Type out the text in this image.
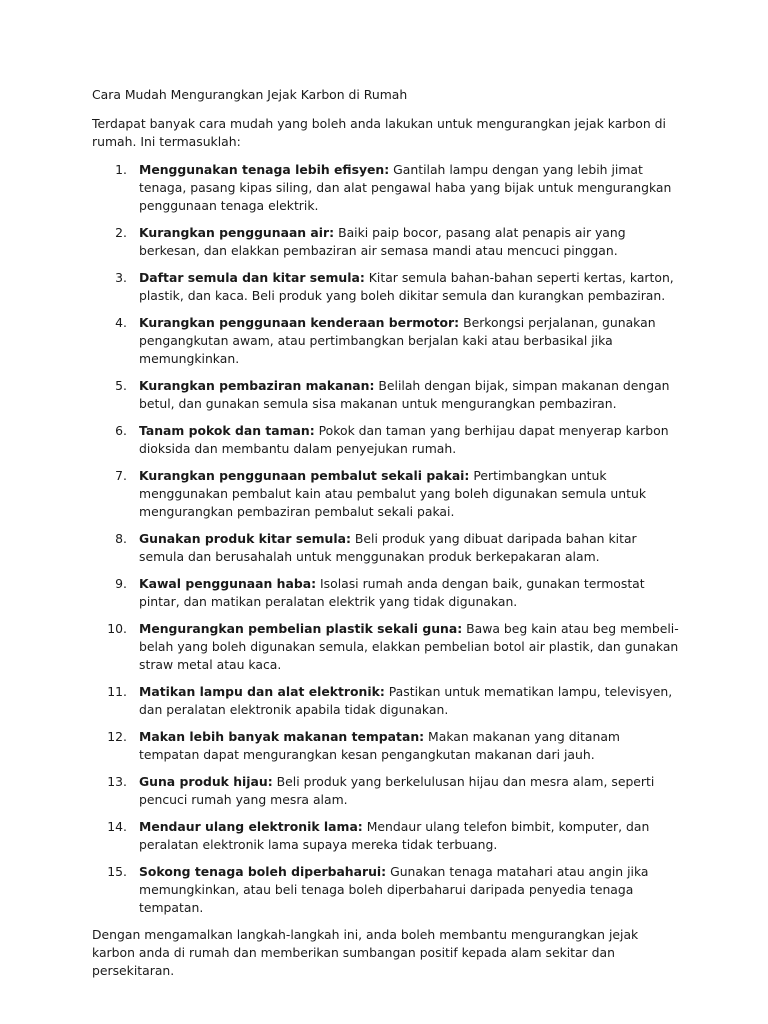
Cara Mudah Mengurangkan Jejak Karbon di Rumah

Terdapat banyak cara mudah yang boleh anda lakukan untuk mengurangkan jejak karbon di rumah. Ini termasuklah:

1. Menggunakan tenaga lebih efisyen: Gantilah lampu dengan yang lebih jimat tenaga, pasang kipas siling, dan alat pengawal haba yang bijak untuk mengurangkan penggunaan tenaga elektrik.
2. Kurangkan penggunaan air: Baiki paip bocor, pasang alat penapis air yang berkesan, dan elakkan pembaziran air semasa mandi atau mencuci pinggan.
3. Daftar semula dan kitar semula: Kitar semula bahan-bahan seperti kertas, karton, plastik, dan kaca. Beli produk yang boleh dikitar semula dan kurangkan pembaziran.
4. Kurangkan penggunaan kenderaan bermotor: Berkongsi perjalanan, gunakan pengangkutan awam, atau pertimbangkan berjalan kaki atau berbasikal jika memungkinkan.
5. Kurangkan pembaziran makanan: Belilah dengan bijak, simpan makanan dengan betul, dan gunakan semula sisa makanan untuk mengurangkan pembaziran.
6. Tanam pokok dan taman: Pokok dan taman yang berhijau dapat menyerap karbon dioksida dan membantu dalam penyejukan rumah.
7. Kurangkan penggunaan pembalut sekali pakai: Pertimbangkan untuk menggunakan pembalut kain atau pembalut yang boleh digunakan semula untuk mengurangkan pembaziran pembalut sekali pakai.
8. Gunakan produk kitar semula: Beli produk yang dibuat daripada bahan kitar semula dan berusahalah untuk menggunakan produk berkepakaran alam.
9. Kawal penggunaan haba: Isolasi rumah anda dengan baik, gunakan termostat pintar, dan matikan peralatan elektrik yang tidak digunakan.
10. Mengurangkan pembelian plastik sekali guna: Bawa beg kain atau beg membeli-belah yang boleh digunakan semula, elakkan pembelian botol air plastik, dan gunakan straw metal atau kaca.
11. Matikan lampu dan alat elektronik: Pastikan untuk mematikan lampu, televisyen, dan peralatan elektronik apabila tidak digunakan.
12. Makan lebih banyak makanan tempatan: Makan makanan yang ditanam tempatan dapat mengurangkan kesan pengangkutan makanan dari jauh.
13. Guna produk hijau: Beli produk yang berkelulusan hijau dan mesra alam, seperti pencuci rumah yang mesra alam.
14. Mendaur ulang elektronik lama: Mendaur ulang telefon bimbit, komputer, dan peralatan elektronik lama supaya mereka tidak terbuang.
15. Sokong tenaga boleh diperbaharui: Gunakan tenaga matahari atau angin jika memungkinkan, atau beli tenaga boleh diperbaharui daripada penyedia tenaga tempatan.

Dengan mengamalkan langkah-langkah ini, anda boleh membantu mengurangkan jejak karbon anda di rumah dan memberikan sumbangan positif kepada alam sekitar dan persekitaran.
